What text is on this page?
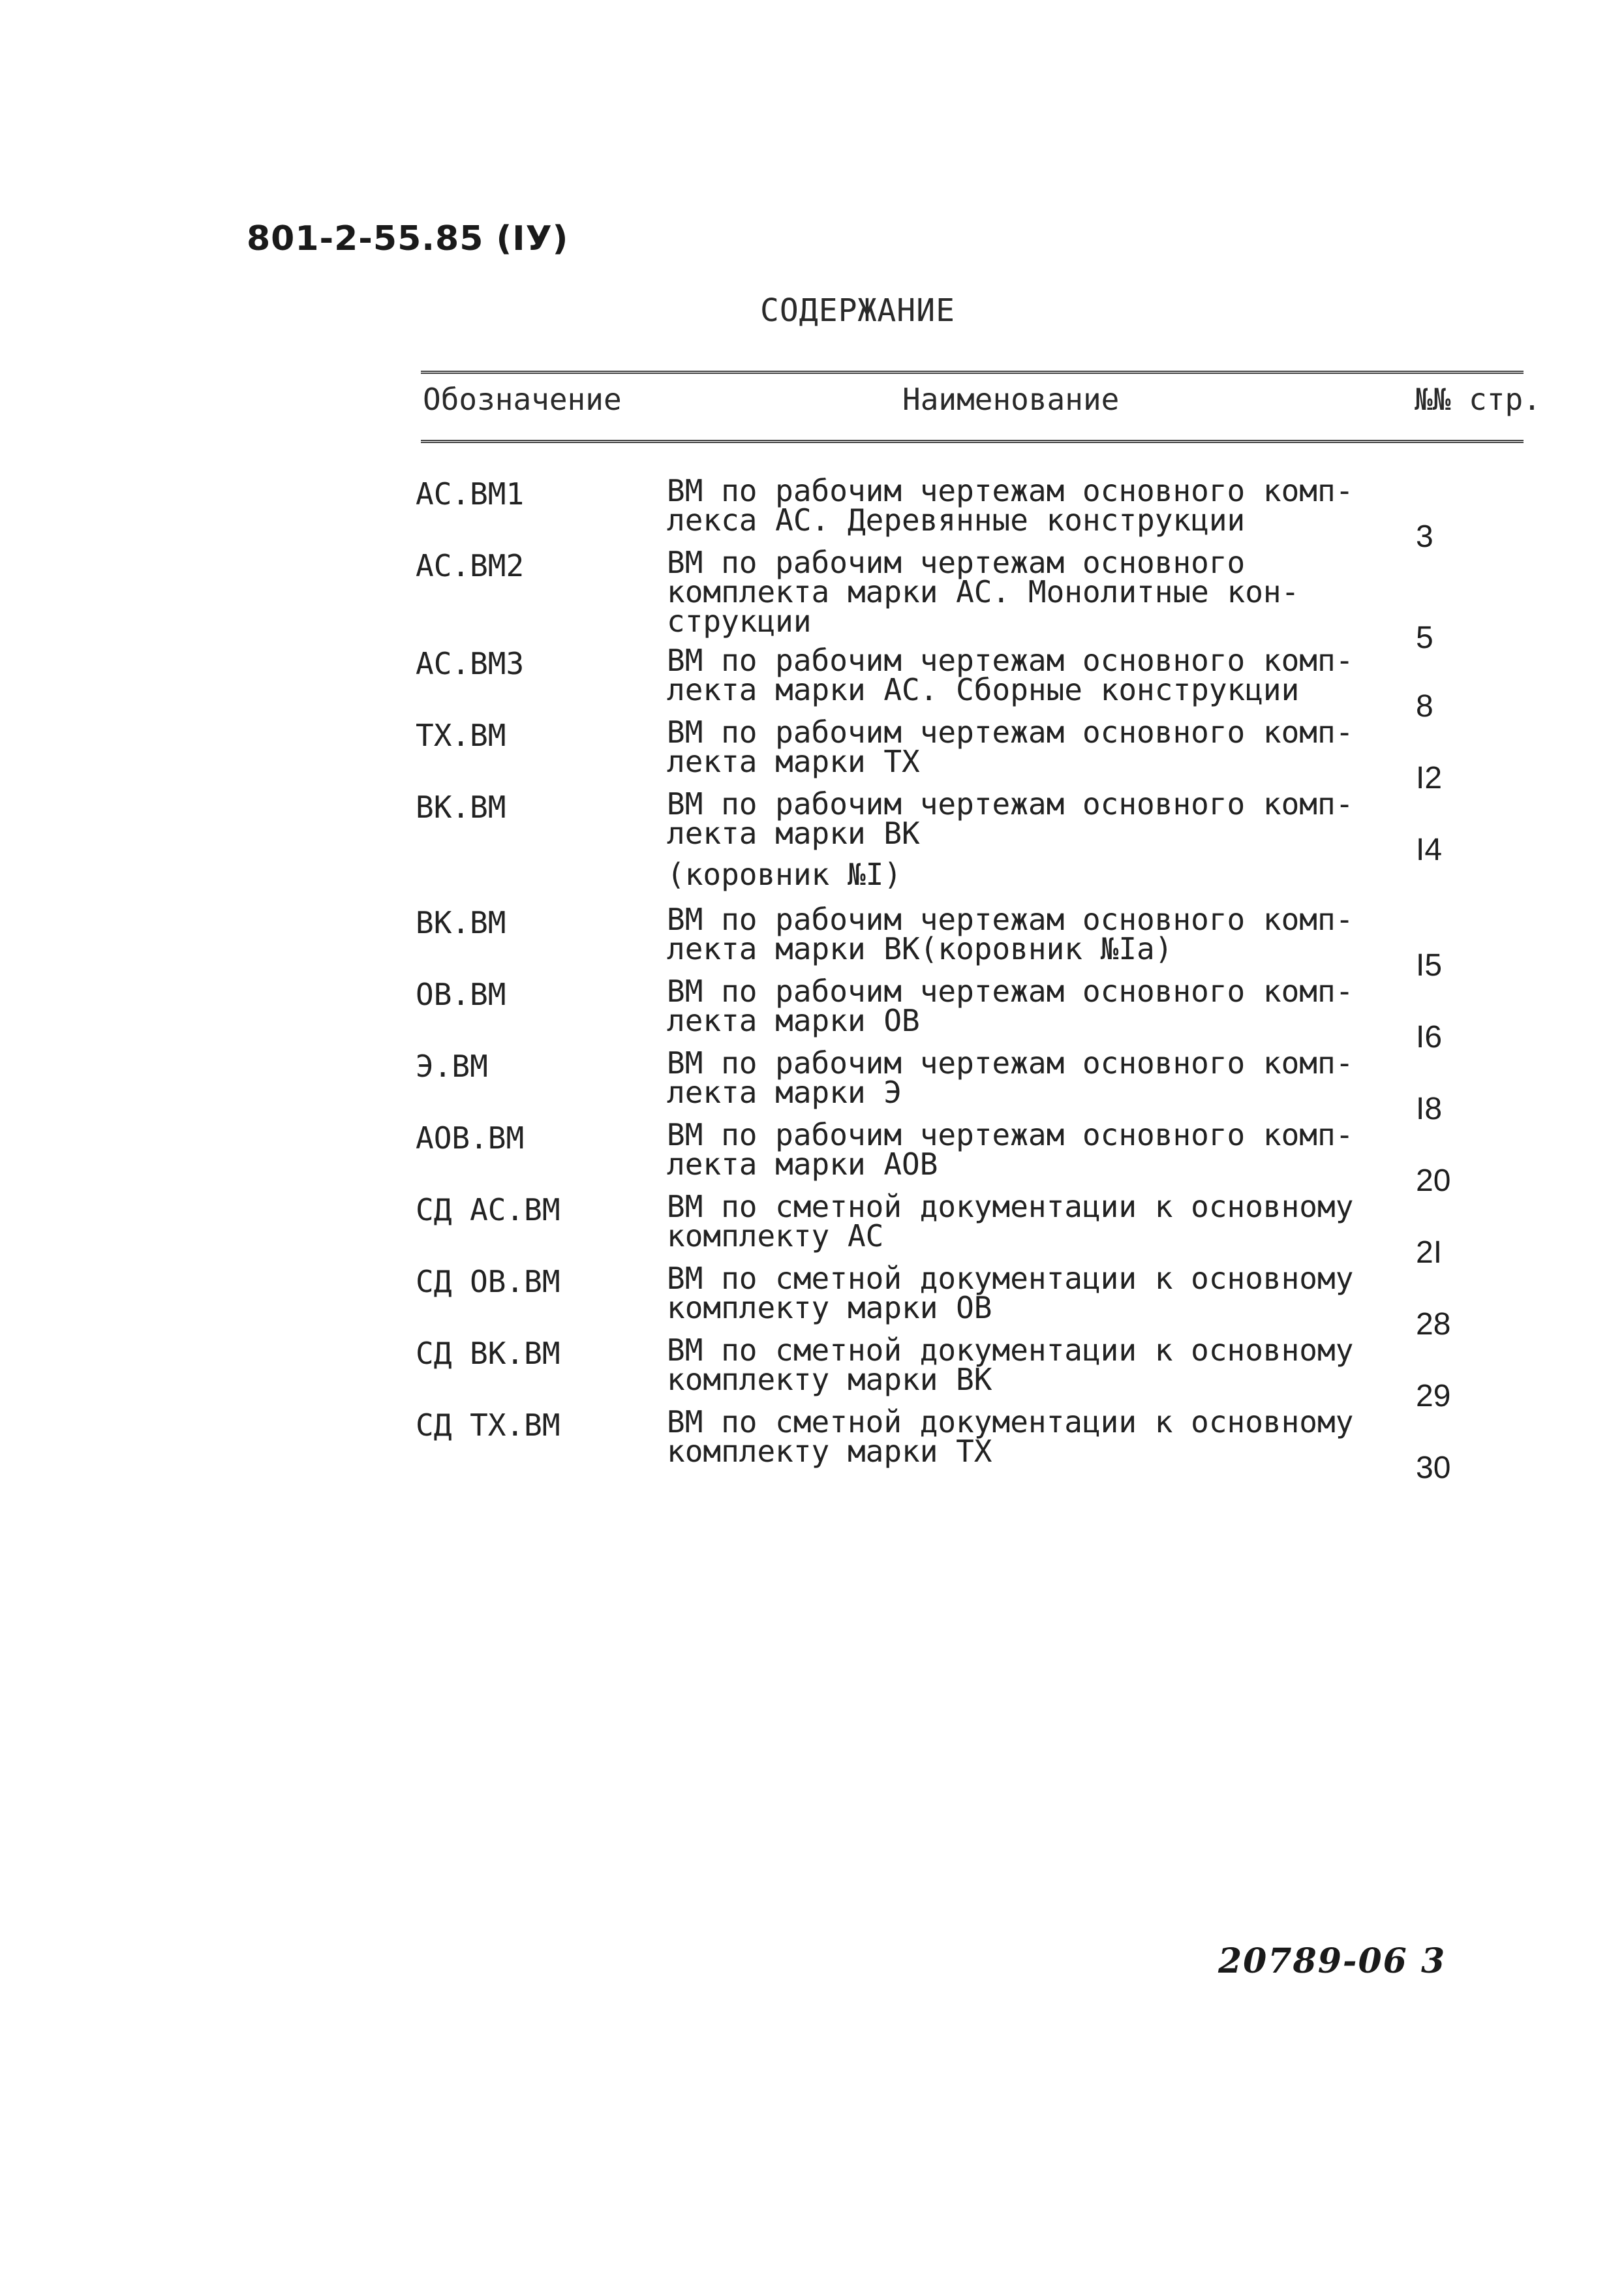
801-2-55.85 (IУ)
СОДЕРЖАНИЕ
Обозначение	Наименование	№№ стр.
АС.ВМ1	ВМ по рабочим чертежам основного комп-
лекса АС. Деревянные конструкции	3
АС.ВМ2	ВМ по рабочим чертежам основного
комплекта марки АС. Монолитные кон-
струкции	5
АС.ВМ3	ВМ по рабочим чертежам основного комп-
лекта марки АС. Сборные конструкции	8
ТХ.ВМ	ВМ по рабочим чертежам основного комп-
лекта марки ТХ	I2
ВК.ВМ	ВМ по рабочим чертежам основного комп-
лекта марки ВК	I4
(коровник №I)
ВК.ВМ	ВМ по рабочим чертежам основного комп-
лекта марки ВК(коровник №Iа)	I5
ОВ.ВМ	ВМ по рабочим чертежам основного комп-
лекта марки ОВ	I6
Э.ВМ	ВМ по рабочим чертежам основного комп-
лекта марки Э	I8
АОВ.ВМ	ВМ по рабочим чертежам основного комп-
лекта марки АОВ	20
СД АС.ВМ	ВМ по сметной документации к основному
комплекту АС	2I
СД ОВ.ВМ	ВМ по сметной документации к основному
комплекту марки ОВ	28
СД ВК.ВМ	ВМ по сметной документации к основному
комплекту марки ВК	29
СД ТХ.ВМ	ВМ по сметной документации к основному
комплекту марки ТХ	30
20789-06 3
